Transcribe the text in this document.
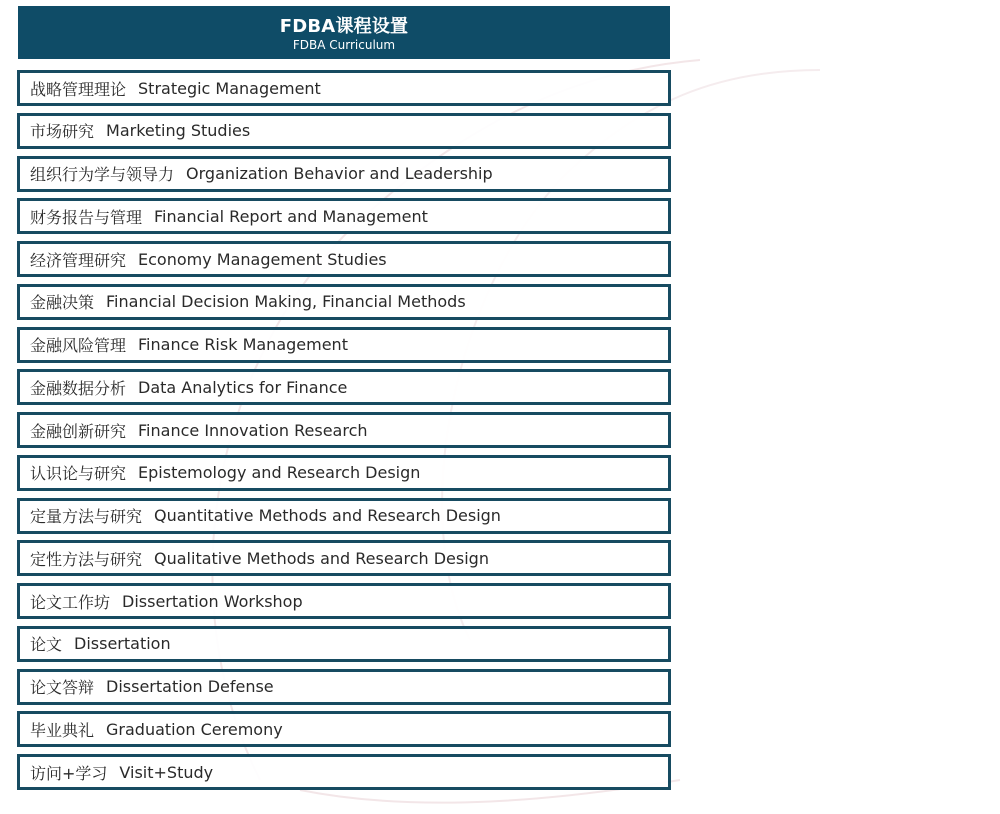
FDBA课程设置
FDBA Curriculum
战略管理理论 Strategic Management
市场研究 Marketing Studies
组织行为学与领导力 Organization Behavior and Leadership
财务报告与管理 Financial Report and Management
经济管理研究 Economy Management Studies
金融决策 Financial Decision Making, Financial Methods
金融风险管理 Finance Risk Management
金融数据分析 Data Analytics for Finance
金融创新研究 Finance Innovation Research
认识论与研究 Epistemology and Research Design
定量方法与研究 Quantitative Methods and Research Design
定性方法与研究 Qualitative Methods and Research Design
论文工作坊 Dissertation Workshop
论文 Dissertation
论文答辩 Dissertation Defense
毕业典礼 Graduation Ceremony
访问+学习 Visit+Study
